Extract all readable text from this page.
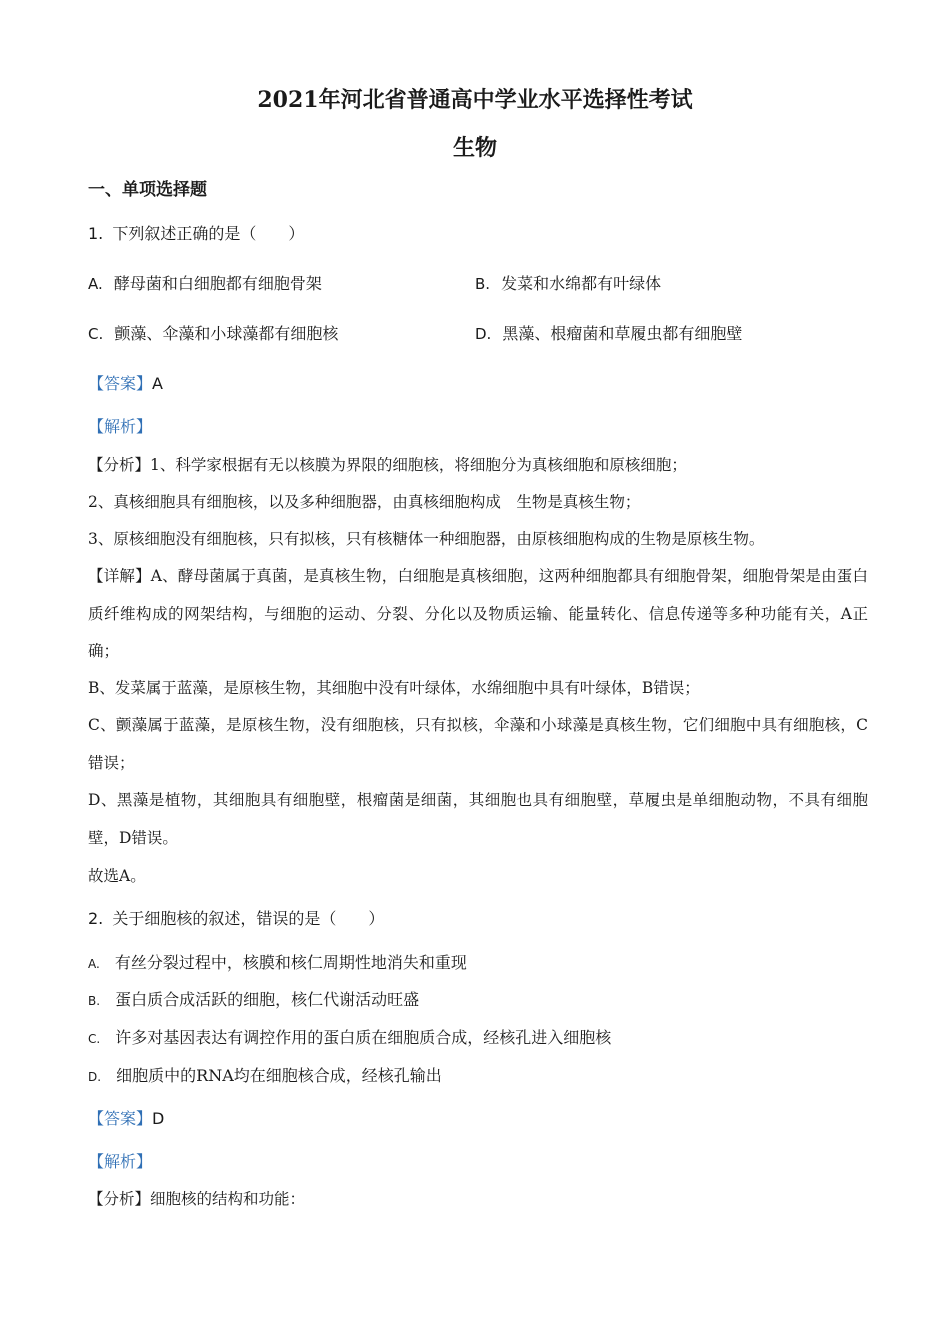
2021年河北省普通高中学业水平选择性考试
生物
一、单项选择题
1. 下列叙述正确的是（　　）
A. 酵母菌和白细胞都有细胞骨架	B. 发菜和水绵都有叶绿体
C. 颤藻、伞藻和小球藻都有细胞核	D. 黑藻、根瘤菌和草履虫都有细胞壁
【答案】A
【解析】
【分析】1、科学家根据有无以核膜为界限的细胞核，将细胞分为真核细胞和原核细胞；
2、真核细胞具有细胞核，以及多种细胞器，由真核细胞构成　生物是真核生物；
3、原核细胞没有细胞核，只有拟核，只有核糖体一种细胞器，由原核细胞构成的生物是原核生物。
【详解】A、酵母菌属于真菌，是真核生物，白细胞是真核细胞，这两种细胞都具有细胞骨架，细胞骨架是由蛋白质纤维构成的网架结构，与细胞的运动、分裂、分化以及物质运输、能量转化、信息传递等多种功能有关，A正确；
B、发菜属于蓝藻，是原核生物，其细胞中没有叶绿体，水绵细胞中具有叶绿体，B错误；
C、颤藻属于蓝藻，是原核生物，没有细胞核，只有拟核，伞藻和小球藻是真核生物，它们细胞中具有细胞核，C错误；
D、黑藻是植物，其细胞具有细胞壁，根瘤菌是细菌，其细胞也具有细胞壁，草履虫是单细胞动物，不具有细胞壁，D错误。
故选A。
2. 关于细胞核的叙述，错误的是（　　）
A. 有丝分裂过程中，核膜和核仁周期性地消失和重现
B. 蛋白质合成活跃的细胞，核仁代谢活动旺盛
C. 许多对基因表达有调控作用的蛋白质在细胞质合成，经核孔进入细胞核
D. 细胞质中的RNA均在细胞核合成，经核孔输出
【答案】D
【解析】
【分析】细胞核的结构和功能：
